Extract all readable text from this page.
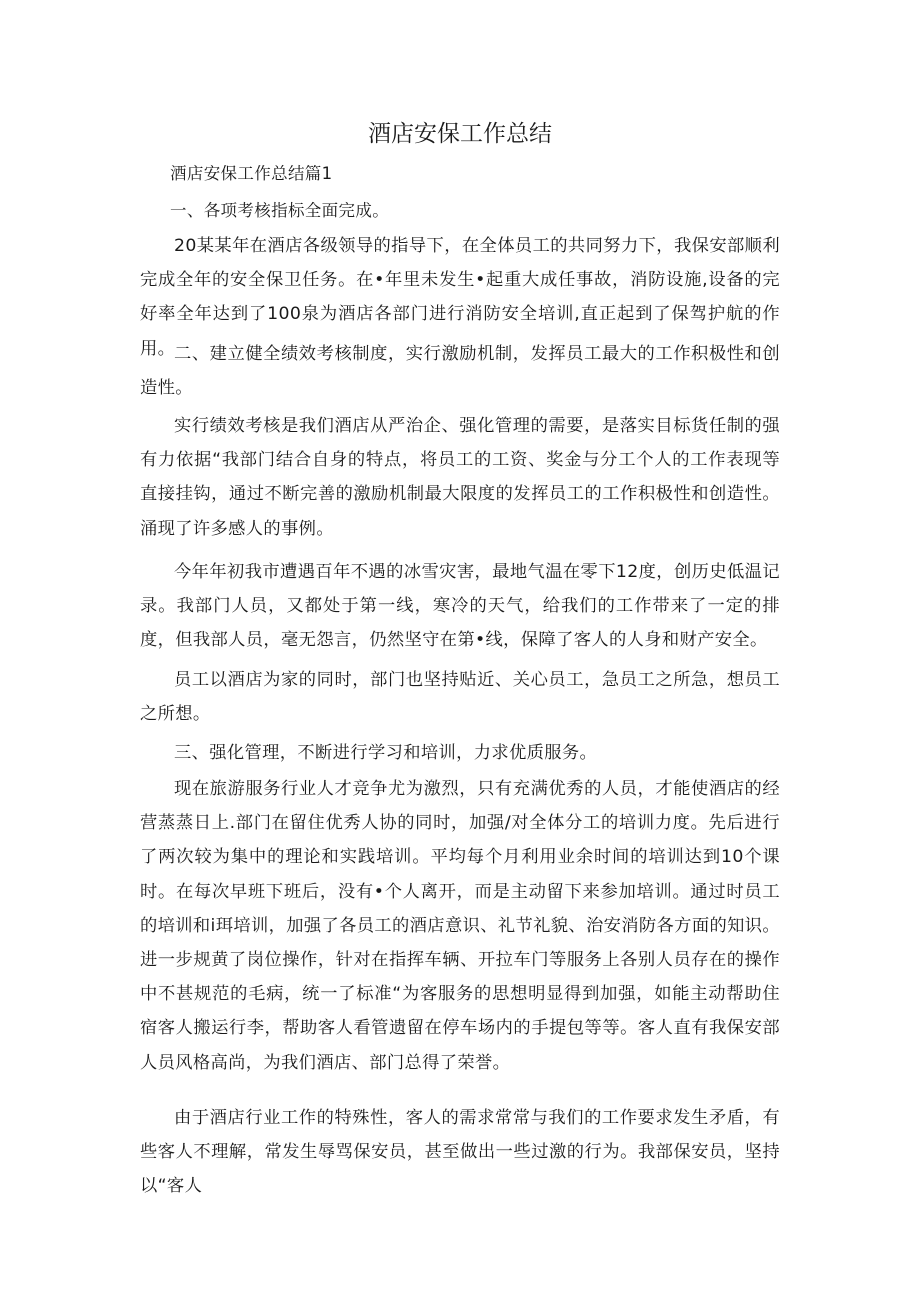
酒店安保工作总结

酒店安保工作总结篇1

一、各项考核指标全面完成。

20某某年在酒店各级领导的指导下，在全体员工的共同努力下，我保安部顺利完成全年的安全保卫任务。在•年里未发生•起重大成任事故，消防设施,设备的完好率全年达到了100泉为酒店各部门进行消防安全培训,直正起到了保驾护航的作用。

二、建立健全绩效考核制度，实行激励机制，发挥员工最大的工作积极性和创造性。

实行绩效考核是我们酒店从严治企、强化管理的需要，是落实目标货任制的强有力依据“我部门结合自身的特点，将员工的工资、奖金与分工个人的工作表现等直接挂钩，通过不断完善的激励机制最大限度的发挥员工的工作积极性和创造性。涌现了许多感人的事例。

今年年初我市遭遇百年不遇的冰雪灾害，最地气温在零下12度，创历史低温记录。我部门人员，又都处于第一线，寒冷的天气，给我们的工作带来了一定的排度，但我部人员，毫无怨言，仍然坚守在第•线，保障了客人的人身和财产安全。

员工以酒店为家的同时，部门也坚持贴近、关心员工，急员工之所急，想员工之所想。

三、强化管理，不断进行学习和培训，力求优质服务。

现在旅游服务行业人才竞争尤为激烈，只有充满优秀的人员，才能使酒店的经营蒸蒸日上.部门在留住优秀人协的同时，加强/对全体分工的培训力度。先后进行了两次较为集中的理论和实践培训。平均每个月利用业余时间的培训达到10个课时。在每次早班下班后，没有•个人离开，而是主动留下来参加培训。通过时员工的培训和i珥培训，加强了各员工的酒店意识、礼节礼貌、治安消防各方面的知识。进一步规黄了岗位操作，针对在指挥车辆、开拉车门等服务上各别人员存在的操作中不甚规范的毛病，统一了标准“为客服务的思想明显得到加强，如能主动帮助住宿客人搬运行李，帮助客人看管遗留在停车场内的手提包等等。客人直有我保安部人员风格高尚，为我们酒店、部门总得了荣誉。

由于酒店行业工作的特殊性，客人的需求常常与我们的工作要求发生矛盾，有些客人不理解，常发生辱骂保安员，甚至做出一些过激的行为。我部保安员，坚持以“客人
